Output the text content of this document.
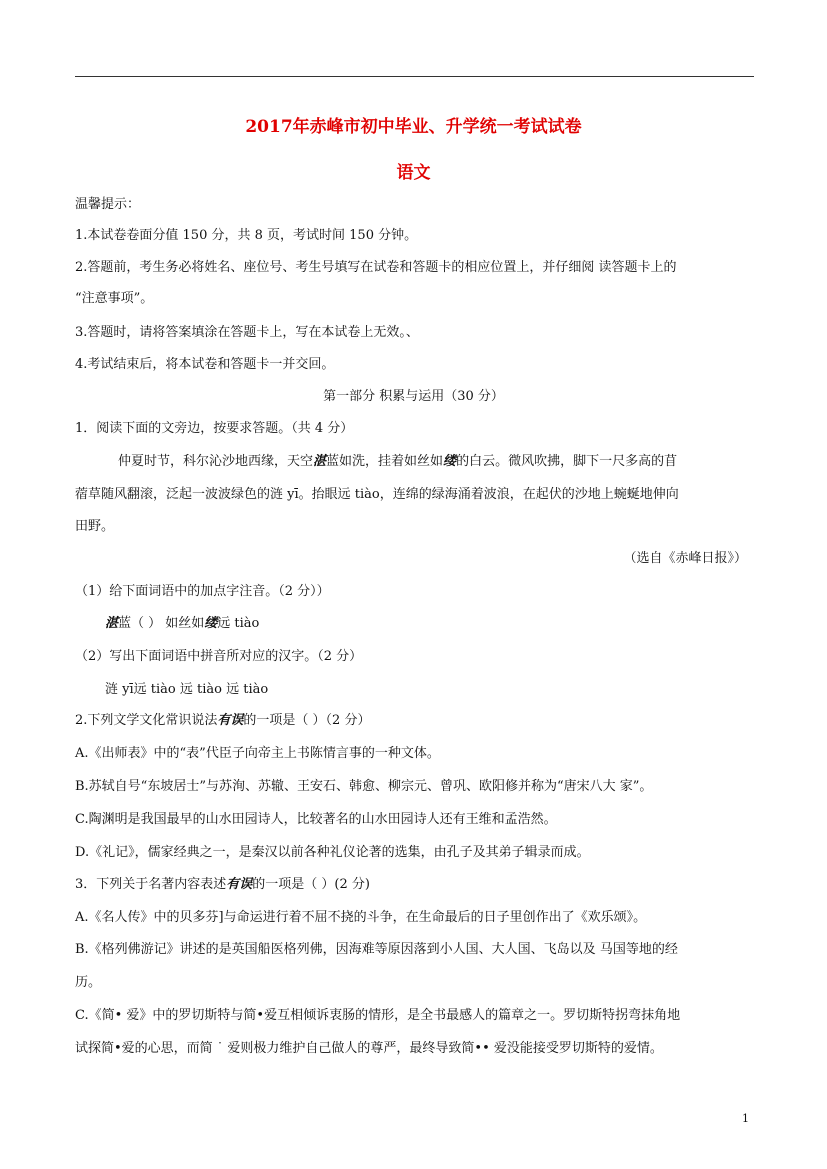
2017年赤峰市初中毕业、升学统一考试试卷
语文
温馨提示：
1.本试卷卷面分值 150 分，共 8 页，考试时间 150 分钟。
2.答题前，考生务必将姓名、座位号、考生号填写在试卷和答题卡的相应位置上，并仔细阅 读答题卡上的
“注意事项”。
3.答题时，请将答案填涂在答题卡上，写在本试卷上无效。、
4.考试结束后，将本试卷和答题卡一并交回。
第一部分 积累与运用（30 分）
1．阅读下面的文旁边，按要求答题。（共 4 分）
仲夏时节，科尔沁沙地西缘，天空湛蓝如洗，挂着如丝如缕的白云。微风吹拂，脚下一尺多高的苜
蓿草随风翻滚，泛起一波波绿色的涟 yī。抬眼远 tiào，连绵的绿海涌着波浪，在起伏的沙地上蜿蜒地伸向
田野。
（选自《赤峰日报》）
（1）给下面词语中的加点字注音。（2 分））
湛蓝（ ） 如丝如缕远 tiào
（2）写出下面词语中拼音所对应的汉字。（2 分）
涟 yī远 tiào 远 tiào 远 tiào
2.下列文学文化常识说法有误的一项是（ ）（2 分）
A.《出师表》中的“表”代臣子向帝主上书陈情言事的一种文体。
B.苏轼自号“东坡居士”与苏洵、苏辙、王安石、韩愈、柳宗元、曾巩、欧阳修并称为“唐宋八大 家”。
C.陶渊明是我国最早的山水田园诗人，比较著名的山水田园诗人还有王维和孟浩然。
D.《礼记》，儒家经典之一，是秦汉以前各种礼仪论著的选集，由孔子及其弟子辑录而成。
3．下列关于名著内容表述有误的一项是（ ）(2 分)
A.《名人传》中的贝多芬]与命运进行着不屈不挠的斗争，在生命最后的日子里创作出了《欢乐颂》。
B.《格列佛游记》讲述的是英国船医格列佛，因海难等原因落到小人国、大人国、飞岛以及 马国等地的经
历。
C.《简• 爱》中的罗切斯特与简•爱互相倾诉衷肠的情形，是全书最感人的篇章之一。罗切斯特拐弯抹角地
试探简•爱的心思，而简 ˙ 爱则极力维护自己做人的尊严，最终导致简•• 爱没能接受罗切斯特的爱情。
1
